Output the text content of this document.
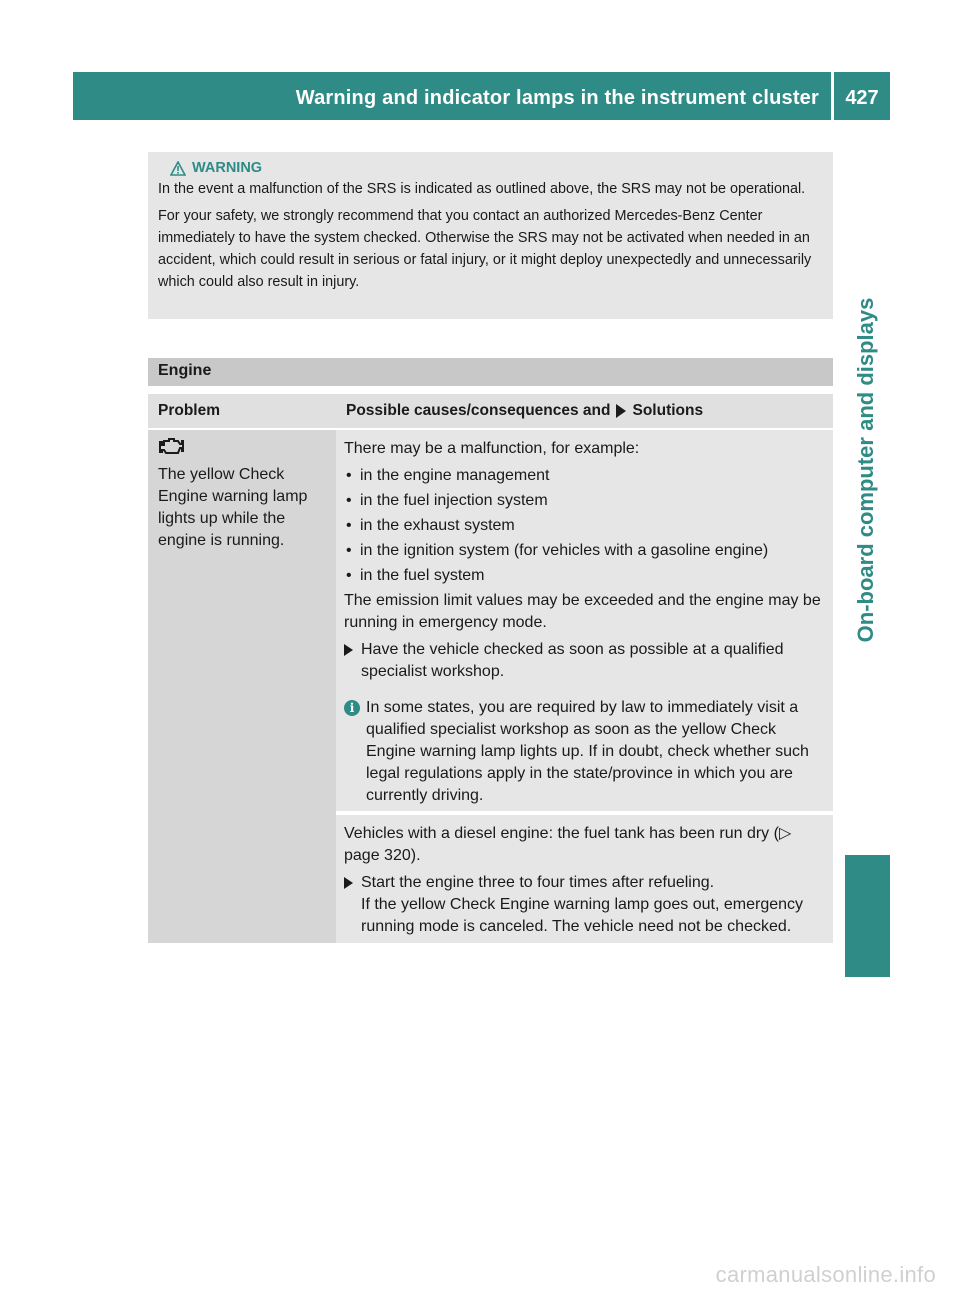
Warning and indicator lamps in the instrument cluster	427
On-board computer and displays
WARNING

In the event a malfunction of the SRS is indicated as outlined above, the SRS may not be operational.

For your safety, we strongly recommend that you contact an authorized Mercedes-Benz Center immediately to have the system checked. Otherwise the SRS may not be activated when needed in an accident, which could result in serious or fatal injury, or it might deploy unexpectedly and unnecessarily which could also result in injury.

Engine
Problem	Possible causes/consequences and Solutions
The yellow Check Engine warning lamp lights up while the engine is running.

There may be a malfunction, for example:

• in the engine management
• in the fuel injection system
• in the exhaust system
• in the ignition system (for vehicles with a gasoline engine)
• in the fuel system

The emission limit values may be exceeded and the engine may be running in emergency mode.

Have the vehicle checked as soon as possible at a qualified specialist workshop.
i In some states, you are required by law to immediately visit a qualified specialist workshop as soon as the yellow Check Engine warning lamp lights up. If in doubt, check whether such legal regulations apply in the state/province in which you are currently driving.

Vehicles with a diesel engine: the fuel tank has been run dry (▷ page 320).

Start the engine three to four times after refueling.
If the yellow Check Engine warning lamp goes out, emergency running mode is canceled. The vehicle need not be checked.
carmanualsonline.info
